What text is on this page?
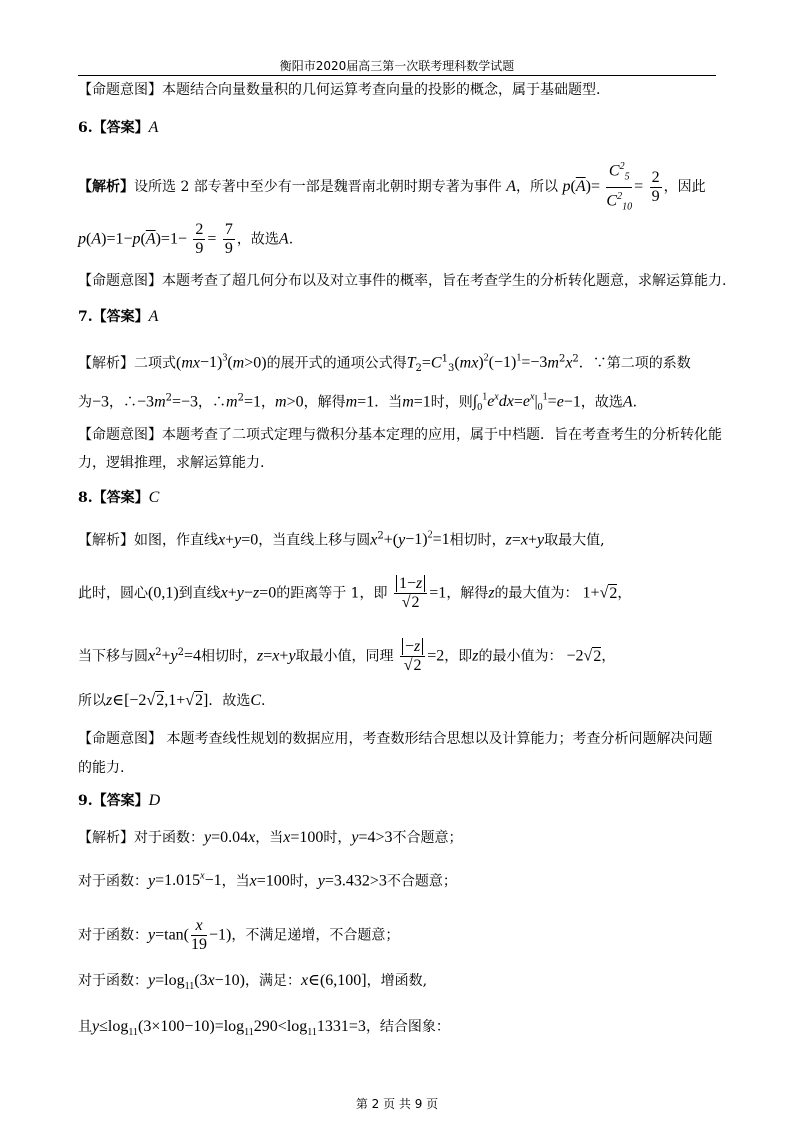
衡阳市2020届高三第一次联考理科数学试题
【命题意图】本题结合向量数量积的几何运算考查向量的投影的概念，属于基础题型.
6.【答案】A
【解析】设所选 2 部专著中至少有一部是魏晋南北朝时期专著为事件 A，所以 $p(\overline{A})= \frac{C^2_5}{C^2_{10}} = \frac{2}{9}$ ，因此
$p(A)=1-p(\overline{A})=1- \frac{2}{9} = \frac{7}{9}$ ，故选A.
【命题意图】本题考查了超几何分布以及对立事件的概率，旨在考查学生的分析转化题意，求解运算能力.
7.【答案】A
【解析】二项式$(mx-1)^3(m>0)$的展开式的通项公式得$T_2=C^1_3(mx)^2(-1)^1=-3m^2x^2$．∵第二项的系数
为−3，$\therefore-3m^2=-3$，$\therefore m^2=1$，m>0，解得m=1．当m=1时，则$\int_0^1e^xdx=e^x|_0^1=e-1$，故选A.
【命题意图】本题考查了二项式定理与微积分基本定理的应用，属于中档题．旨在考查考生的分析转化能
力，逻辑推理，求解运算能力.
8.【答案】C
【解析】如图，作直线x+y=0，当直线上移与圆$x^2+(y-1)^2=1$相切时，z=x+y取最大值,
此时，圆心(0,1)到直线x+y−z=0的距离等于 1，即 $\frac{1-z}{√2} =1$，解得z的最大值为： 1+√2，
当下移与圆$x^2+y^2=4$相切时，z=x+y取最小值，同理 $\frac{-z}{√2} =2$，即z的最小值为： −2√2，
所以z∈[−2√2,1+√2]．故选C.
【命题意图】 本题考查线性规划的数据应用，考查数形结合思想以及计算能力；考查分析问题解决问题
的能力.
9.【答案】D
【解析】对于函数：y=0.04x，当x=100时，y=4>3不合题意；
对于函数：$y=1.015^x-1$，当x=100时，y=3.432>3不合题意；
对于函数：$y=\tan( \frac{x}{19} -1)$，不满足递增，不合题意；
对于函数：$y=\log_{11}(3x-10)$，满足：x∈(6,100]，增函数,
且$y\le\log_{11}(3\times 100-10)=\log_{11}290<\log_{11}1331=3$，结合图象：
第 2 页 共 9 页
